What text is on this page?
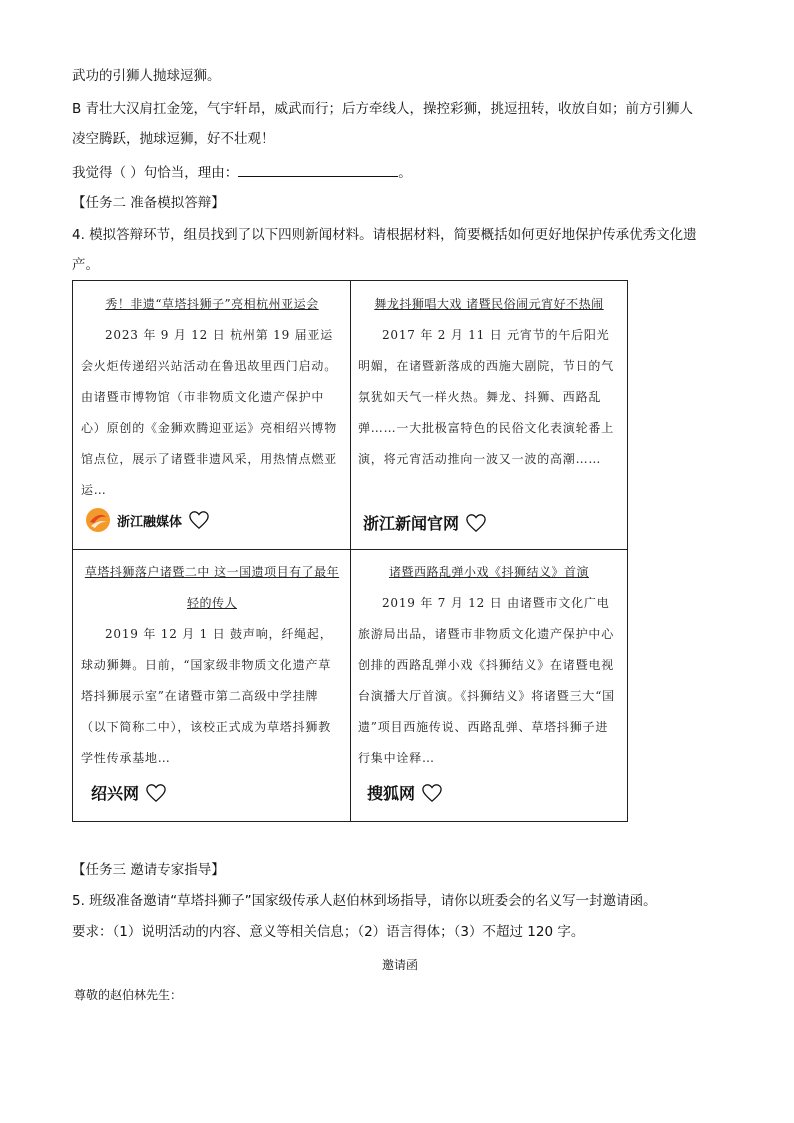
武功的引狮人抛球逗狮。
B 青壮大汉肩扛金笼，气宇轩昂，威武而行；后方牵线人，操控彩狮，挑逗扭转，收放自如；前方引狮人
凌空腾跃，抛球逗狮，好不壮观！
我觉得（ ）句恰当，理由：	。
【任务二 准备模拟答辩】
4. 模拟答辩环节，组员找到了以下四则新闻材料。请根据材料，简要概括如何更好地保护传承优秀文化遗
产。
秀！非遗“草塔抖狮子”亮相杭州亚运会
2023 年 9 月 12 日 杭州第 19 届亚运会火炬传递绍兴站活动在鲁迅故里西门启动。由诸暨市博物馆（市非物质文化遗产保护中心）原创的《金狮欢腾迎亚运》亮相绍兴博物馆点位，展示了诸暨非遗风采，用热情点燃亚运…
浙江融媒体
舞龙抖狮唱大戏 诸暨民俗闹元宵好不热闹
2017 年 2 月 11 日 元宵节的午后阳光明媚，在诸暨新落成的西施大剧院，节日的气氛犹如天气一样火热。舞龙、抖狮、西路乱弹……一大批极富特色的民俗文化表演轮番上演，将元宵活动推向一波又一波的高潮……
浙江新闻官网
草塔抖狮落户诸暨二中 这一国遗项目有了最年轻的传人
2019 年 12 月 1 日 鼓声响，纤绳起，球动狮舞。日前，“国家级非物质文化遗产草塔抖狮展示室”在诸暨市第二高级中学挂牌（以下简称二中），该校正式成为草塔抖狮教学性传承基地…
绍兴网
诸暨西路乱弹小戏《抖狮结义》首演
2019 年 7 月 12 日 由诸暨市文化广电旅游局出品，诸暨市非物质文化遗产保护中心创排的西路乱弹小戏《抖狮结义》在诸暨电视台演播大厅首演。《抖狮结义》将诸暨三大“国遗”项目西施传说、西路乱弹、草塔抖狮子进行集中诠释…
搜狐网
【任务三 邀请专家指导】
5. 班级准备邀请“草塔抖狮子”国家级传承人赵伯林到场指导，请你以班委会的名义写一封邀请函。
要求：（1）说明活动的内容、意义等相关信息；（2）语言得体；（3）不超过 120 字。
邀请函
尊敬的赵伯林先生：
